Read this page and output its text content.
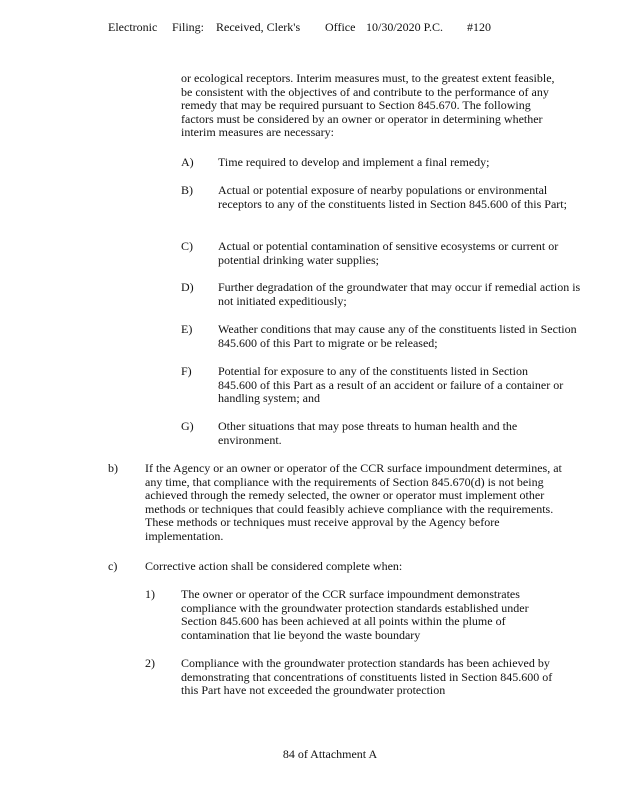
Electronic Filing: Received, Clerk's Office 10/30/2020 P.C. #120
or ecological receptors. Interim measures must, to the greatest extent feasible, be consistent with the objectives of and contribute to the performance of any remedy that may be required pursuant to Section 845.670. The following factors must be considered by an owner or operator in determining whether interim measures are necessary:
A) Time required to develop and implement a final remedy;
B) Actual or potential exposure of nearby populations or environmental receptors to any of the constituents listed in Section 845.600 of this Part;
C) Actual or potential contamination of sensitive ecosystems or current or potential drinking water supplies;
D) Further degradation of the groundwater that may occur if remedial action is not initiated expeditiously;
E) Weather conditions that may cause any of the constituents listed in Section 845.600 of this Part to migrate or be released;
F) Potential for exposure to any of the constituents listed in Section 845.600 of this Part as a result of an accident or failure of a container or handling system; and
G) Other situations that may pose threats to human health and the environment.
b) If the Agency or an owner or operator of the CCR surface impoundment determines, at any time, that compliance with the requirements of Section 845.670(d) is not being achieved through the remedy selected, the owner or operator must implement other methods or techniques that could feasibly achieve compliance with the requirements. These methods or techniques must receive approval by the Agency before implementation.
c) Corrective action shall be considered complete when:
1) The owner or operator of the CCR surface impoundment demonstrates compliance with the groundwater protection standards established under Section 845.600 has been achieved at all points within the plume of contamination that lie beyond the waste boundary
2) Compliance with the groundwater protection standards has been achieved by demonstrating that concentrations of constituents listed in Section 845.600 of this Part have not exceeded the groundwater protection
84 of Attachment A
